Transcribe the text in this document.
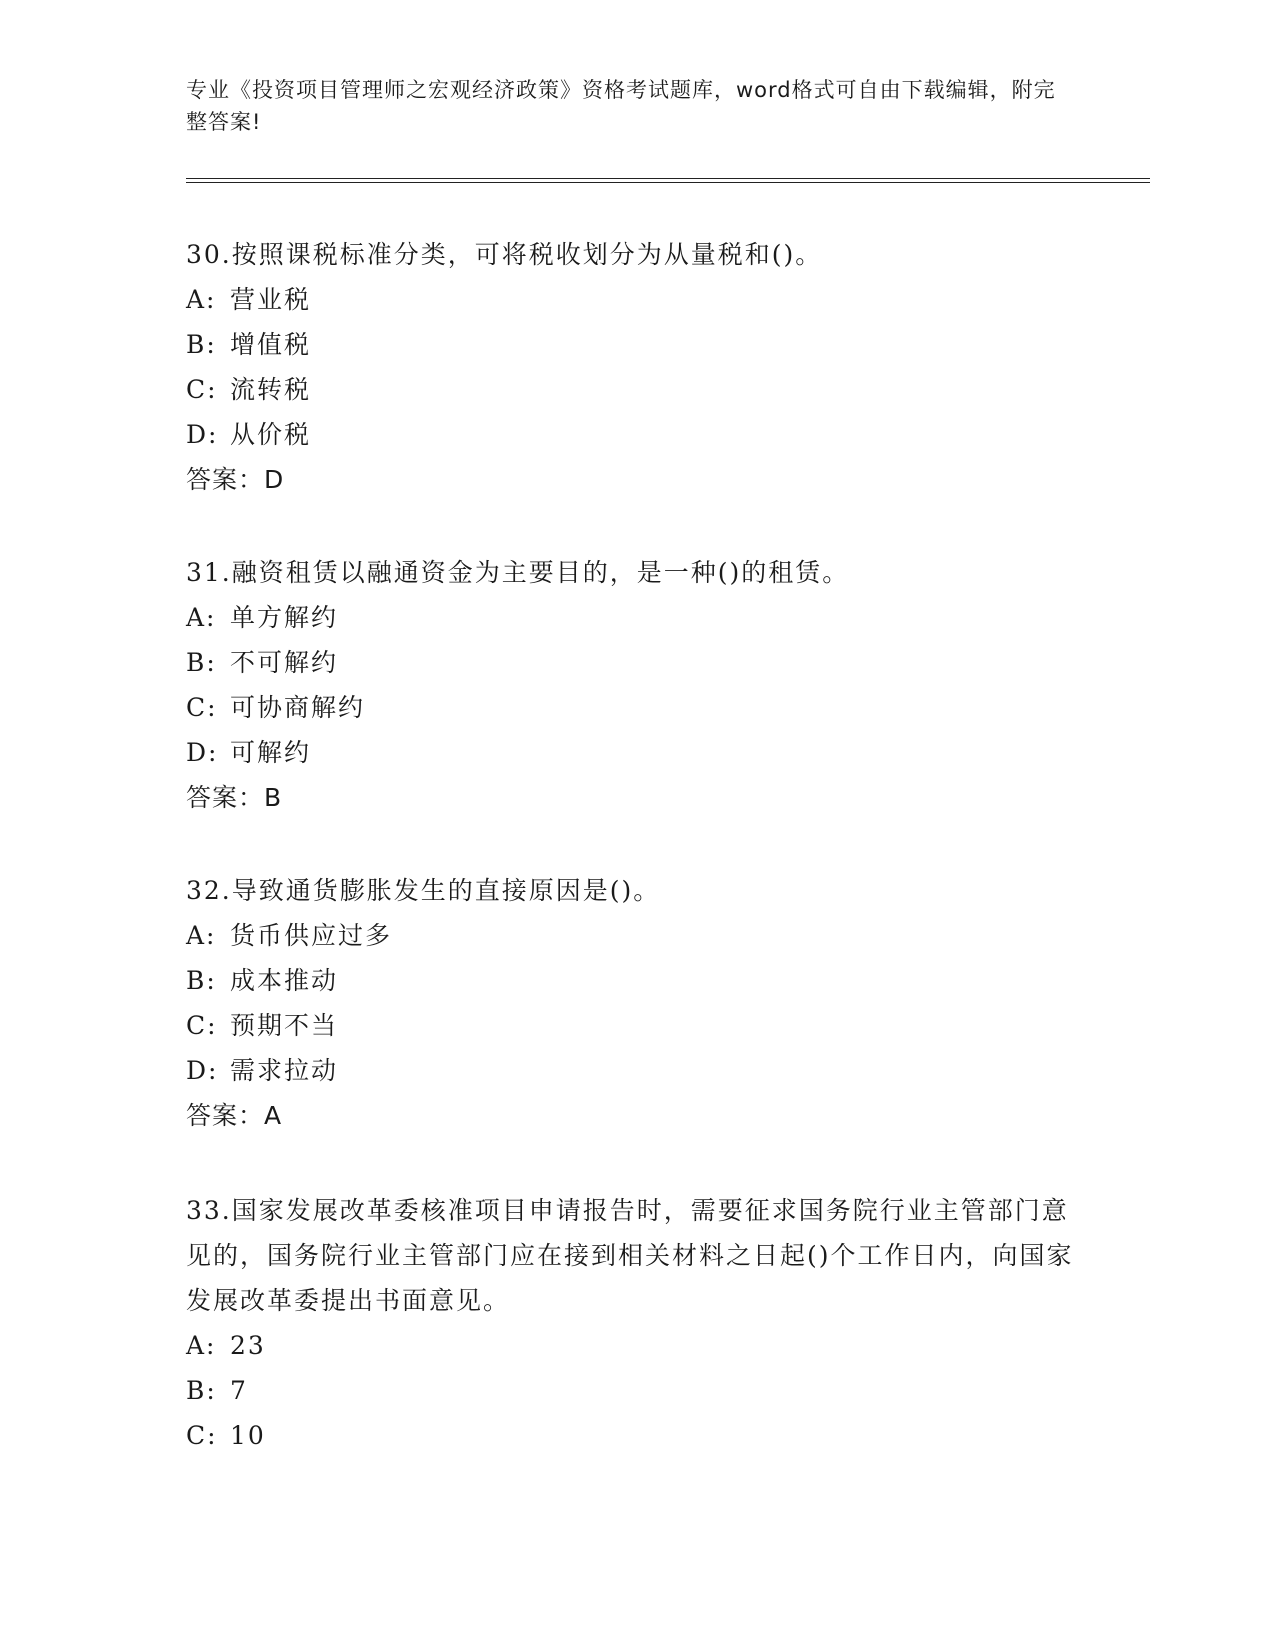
专业《投资项目管理师之宏观经济政策》资格考试题库，word格式可自由下载编辑，附完整答案!

30.按照课税标准分类，可将税收划分为从量税和()。

A: 营业税

B: 增值税

C: 流转税

D: 从价税

答案：D

31.融资租赁以融通资金为主要目的，是一种()的租赁。

A: 单方解约

B: 不可解约

C: 可协商解约

D: 可解约

答案：B

32.导致通货膨胀发生的直接原因是()。

A: 货币供应过多

B: 成本推动

C: 预期不当

D: 需求拉动

答案：A

33.国家发展改革委核准项目申请报告时，需要征求国务院行业主管部门意见的，国务院行业主管部门应在接到相关材料之日起()个工作日内，向国家发展改革委提出书面意见。

A: 23

B: 7

C: 10
